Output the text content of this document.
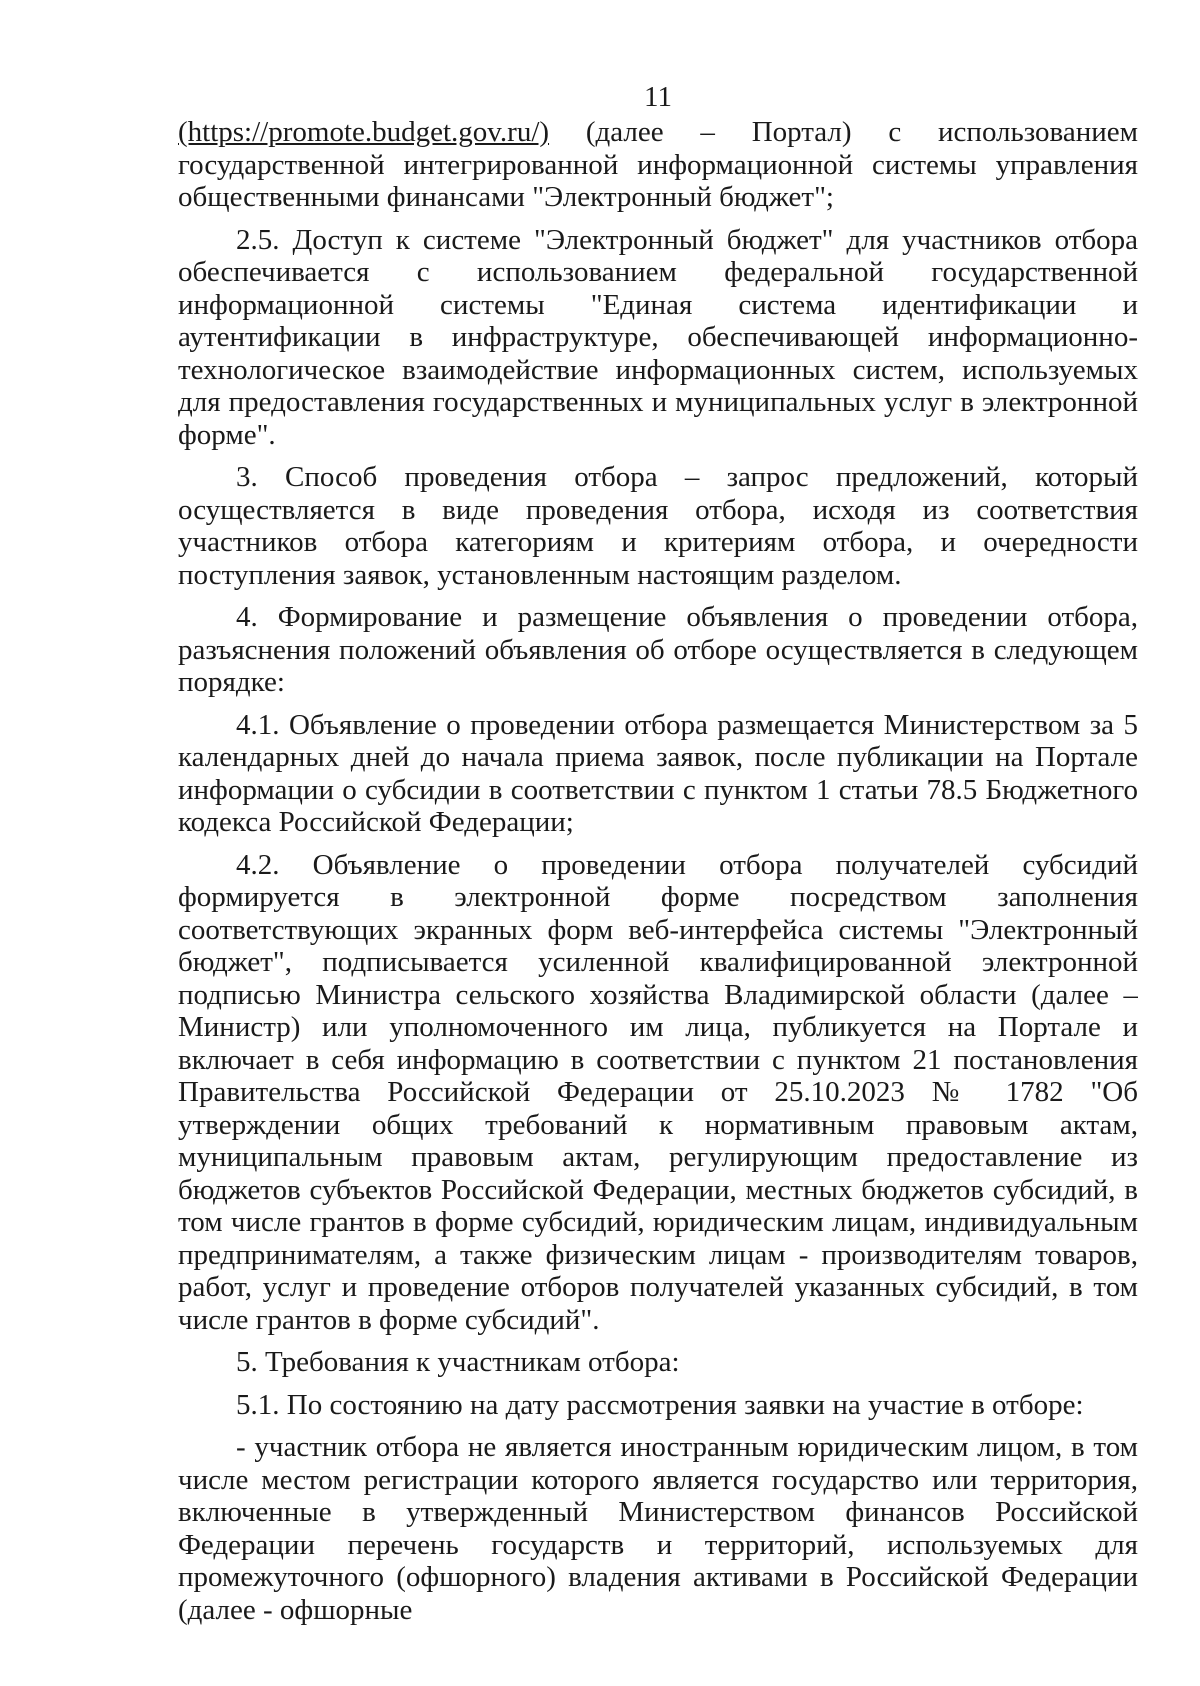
11

(https://promote.budget.gov.ru/) (далее – Портал) с использованием государственной интегрированной информационной системы управления общественными финансами "Электронный бюджет";

2.5. Доступ к системе "Электронный бюджет" для участников отбора обеспечивается с использованием федеральной государственной информационной системы "Единая система идентификации и аутентификации в инфраструктуре, обеспечивающей информационно-технологическое взаимодействие информационных систем, используемых для предоставления государственных и муниципальных услуг в электронной форме".

3. Способ проведения отбора – запрос предложений, который осуществляется в виде проведения отбора, исходя из соответствия участников отбора категориям и критериям отбора, и очередности поступления заявок, установленным настоящим разделом.

4. Формирование и размещение объявления о проведении отбора, разъяснения положений объявления об отборе осуществляется в следующем порядке:

4.1. Объявление о проведении отбора размещается Министерством за 5 календарных дней до начала приема заявок, после публикации на Портале информации о субсидии в соответствии с пунктом 1 статьи 78.5 Бюджетного кодекса Российской Федерации;

4.2. Объявление о проведении отбора получателей субсидий формируется в электронной форме посредством заполнения соответствующих экранных форм веб-интерфейса системы "Электронный бюджет", подписывается усиленной квалифицированной электронной подписью Министра сельского хозяйства Владимирской области (далее – Министр) или уполномоченного им лица, публикуется на Портале и включает в себя информацию в соответствии с пунктом 21 постановления Правительства Российской Федерации от 25.10.2023 № 1782 "Об утверждении общих требований к нормативным правовым актам, муниципальным правовым актам, регулирующим предоставление из бюджетов субъектов Российской Федерации, местных бюджетов субсидий, в том числе грантов в форме субсидий, юридическим лицам, индивидуальным предпринимателям, а также физическим лицам - производителям товаров, работ, услуг и проведение отборов получателей указанных субсидий, в том числе грантов в форме субсидий".

5. Требования к участникам отбора:

5.1. По состоянию на дату рассмотрения заявки на участие в отборе:

- участник отбора не является иностранным юридическим лицом, в том числе местом регистрации которого является государство или территория, включенные в утвержденный Министерством финансов Российской Федерации перечень государств и территорий, используемых для промежуточного (офшорного) владения активами в Российской Федерации (далее - офшорные
